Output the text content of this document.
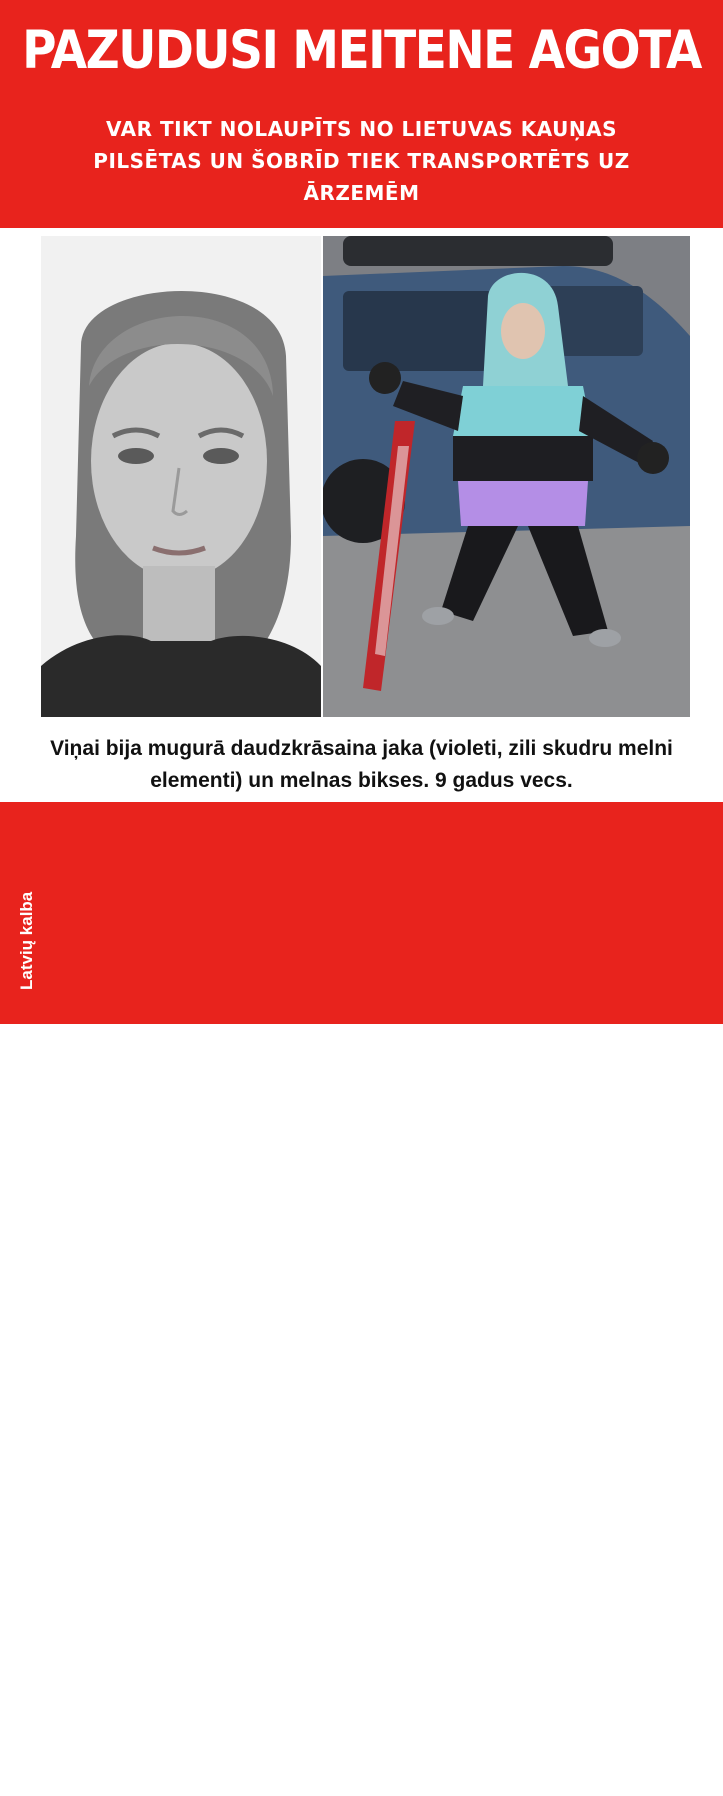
PAZUDUSI MEITENE AGOTA
VAR TIKT NOLAUPĪTS NO LIETUVAS KAUŅAS PILSĒTAS UN ŠOBRĪD TIEK TRANSPORTĒTS UZ ĀRZEMĒM
Viņai bija mugurā daudzkrāsaina jaka (violeti, zili skudru melni elementi) un melnas bikses. 9 gadus vecs.
JA JUMS IR KĀDA INFORMĀCIJA, LŪDZU, SAZINIETIES AR SAVAS PILSĒTAS POLICIJU VAI LIETUVAS POLICIJU
+37070060600
Latvių kalba
